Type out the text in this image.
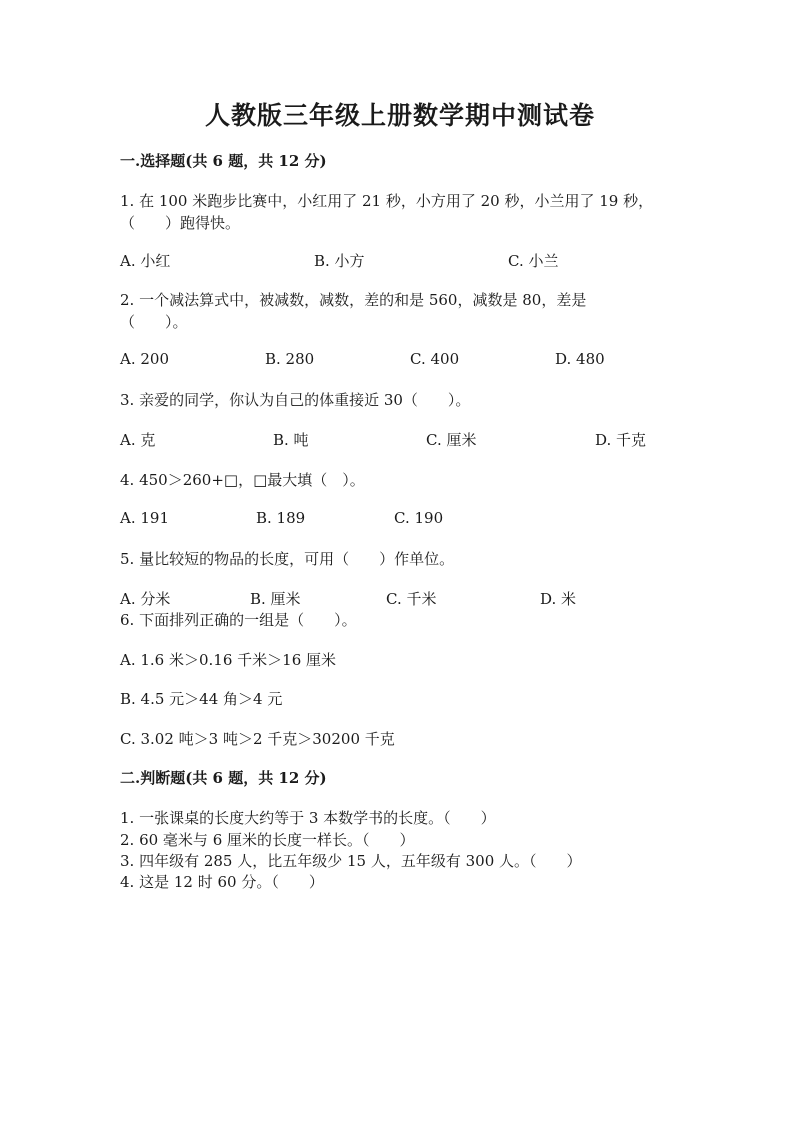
人教版三年级上册数学期中测试卷
一.选择题(共 6 题，共 12 分)
1. 在 100 米跑步比赛中，小红用了 21 秒，小方用了 20 秒，小兰用了 19 秒，
（　　）跑得快。
A. 小红	B. 小方	C. 小兰
2. 一个减法算式中，被减数，减数，差的和是 560，减数是 80，差是
（　　）。
A. 200	B. 280	C. 400	D. 480
3. 亲爱的同学，你认为自己的体重接近 30（　　）。
A. 克	B. 吨	C. 厘米	D. 千克
4. 450＞260+□，□最大填（　）。
A. 191	B. 189	C. 190
5. 量比较短的物品的长度，可用（　　）作单位。
A. 分米	B. 厘米	C. 千米	D. 米
6. 下面排列正确的一组是（　　）。
A. 1.6 米＞0.16 千米＞16 厘米
B. 4.5 元＞44 角＞4 元
C. 3.02 吨＞3 吨＞2 千克＞30200 千克
二.判断题(共 6 题，共 12 分)
1. 一张课桌的长度大约等于 3 本数学书的长度。（　　）
2. 60 毫米与 6 厘米的长度一样长。（　　）
3. 四年级有 285 人，比五年级少 15 人，五年级有 300 人。（　　）
4. 这是 12 时 60 分。（　　）
